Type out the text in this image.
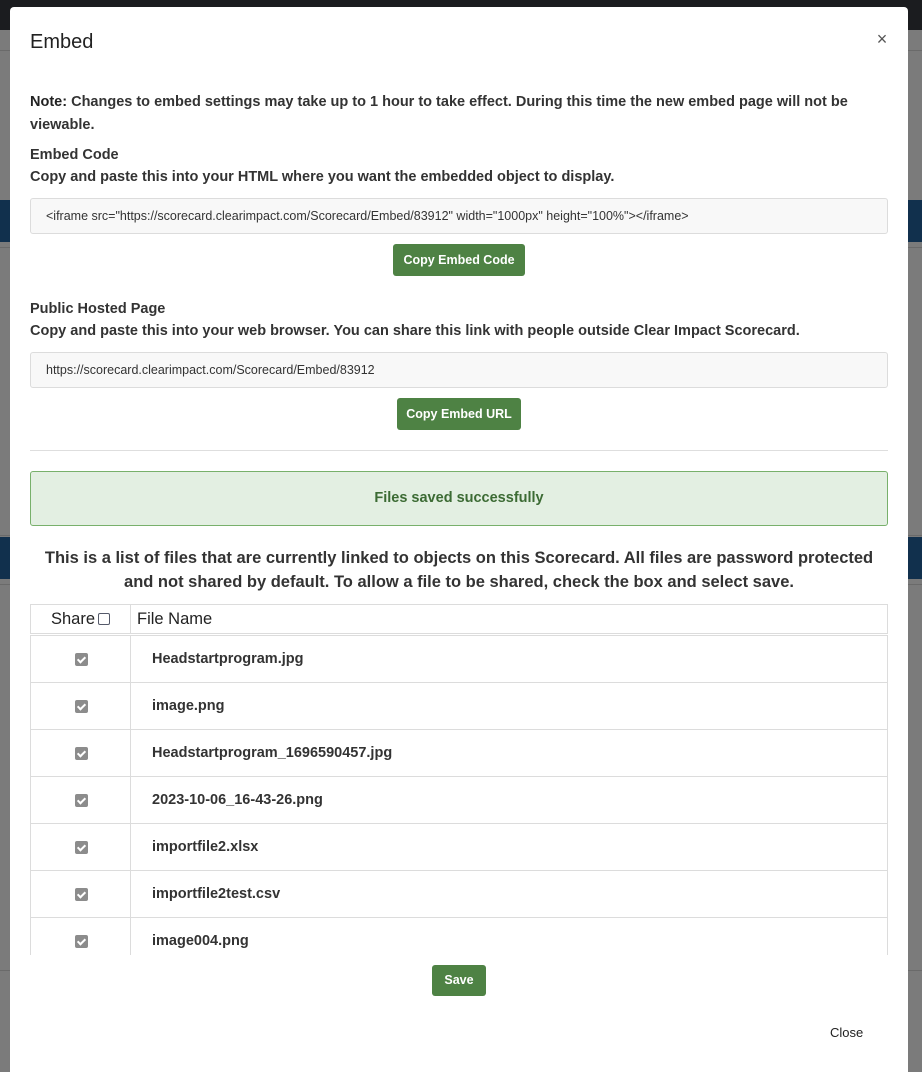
Embed	×
Note: Changes to embed settings may take up to 1 hour to take effect. During this time the new embed page will not be viewable.
Embed Code
Copy and paste this into your HTML where you want the embedded object to display.
<iframe src="https://scorecard.clearimpact.com/Scorecard/Embed/83912" width="1000px" height="100%"></iframe>
Copy Embed Code
Public Hosted Page
Copy and paste this into your web browser. You can share this link with people outside Clear Impact Scorecard.
https://scorecard.clearimpact.com/Scorecard/Embed/83912
Copy Embed URL
Files saved successfully
This is a list of files that are currently linked to objects on this Scorecard. All files are password protected and not shared by default. To allow a file to be shared, check the box and select save.
Share	File Name
Headstartprogram.jpg
image.png
Headstartprogram_1696590457.jpg
2023-10-06_16-43-26.png
importfile2.xlsx
importfile2test.csv
image004.png
Save
Close
